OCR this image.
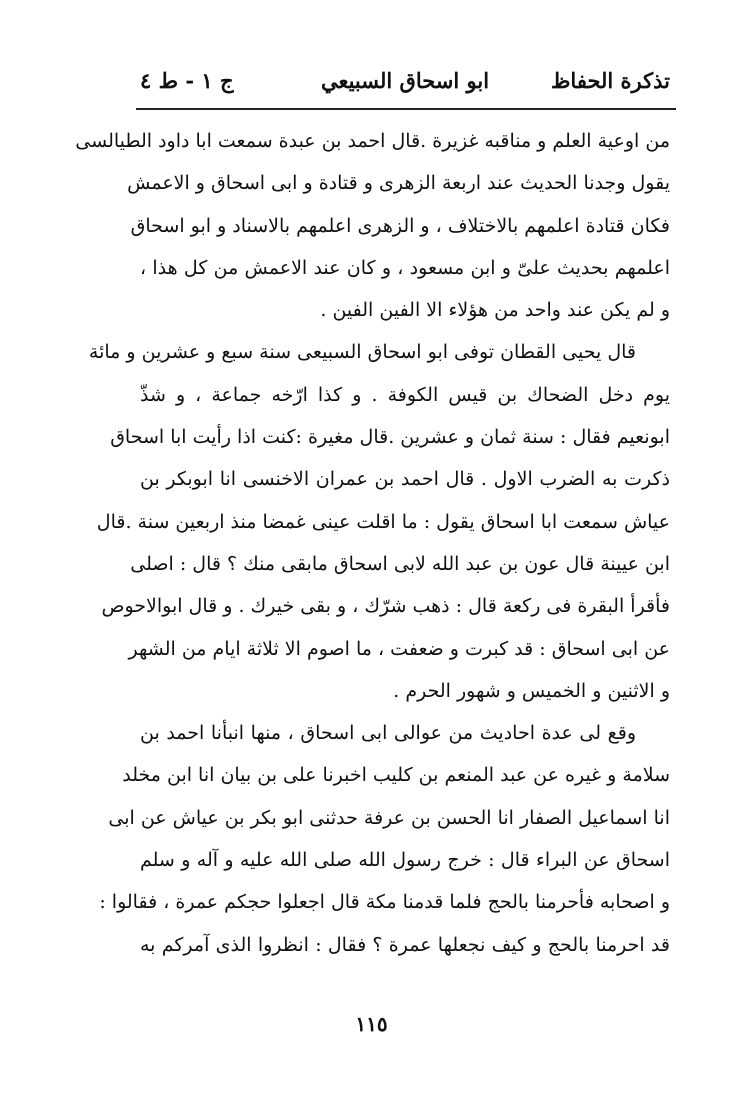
تذكرة الحفاظ
ابو اسحاق السبيعي
ج ١ - ط ٤
من اوعية العلم و مناقبه غزيرة .قال احمد بن عبدة سمعت ابا داود الطيالسى
يقول وجدنا الحديث عند اربعة الزهرى و قتادة و ابى اسحاق و الاعمش
فكان قتادة اعلمهم بالاختلاف ، و الزهرى اعلمهم بالاسناد و ابو اسحاق
اعلمهم بحديث علىّ و ابن مسعود ، و كان عند الاعمش من كل هذا ،
و لم يكن عند واحد من هؤلاء الا الفين الفين .
قال يحيى القطان توفى ابو اسحاق السبيعى سنة سبع و عشرين و مائة
يوم دخل الضحاك بن قيس الكوفة . و كذا ارّخه جماعة ، و شذّ
ابونعيم فقال : سنة ثمان و عشرين .قال مغيرة :كنت اذا رأيت ابا اسحاق
ذكرت به الضرب الاول . قال احمد بن عمران الاخنسى انا ابوبكر بن
عياش سمعت ابا اسحاق يقول : ما اقلت عينى غمضا منذ اربعين سنة .قال
ابن عيينة قال عون بن عبد الله لابى اسحاق مابقى منك ؟ قال : اصلى
فأقرأ البقرة فى ركعة قال : ذهب شرّك ، و بقى خيرك . و قال ابوالاحوص
عن ابى اسحاق : قد كبرت و ضعفت ، ما اصوم الا ثلاثة ايام من الشهر
و الاثنين و الخميس و شهور الحرم .
وقع لى عدة احاديث من عوالى ابى اسحاق ، منها انبأنا احمد بن
سلامة و غيره عن عبد المنعم بن كليب اخبرنا على بن بيان انا ابن مخلد
انا اسماعيل الصفار انا الحسن بن عرفة حدثنى ابو بكر بن عياش عن ابى
اسحاق عن البراء قال : خرج رسول الله صلى الله عليه و آله و سلم
و اصحابه فأحرمنا بالحج فلما قدمنا مكة قال اجعلوا حجكم عمرة ، فقالوا :
قد احرمنا بالحج و كيف نجعلها عمرة ؟ فقال : انظروا الذى آمركم به
١١٥
